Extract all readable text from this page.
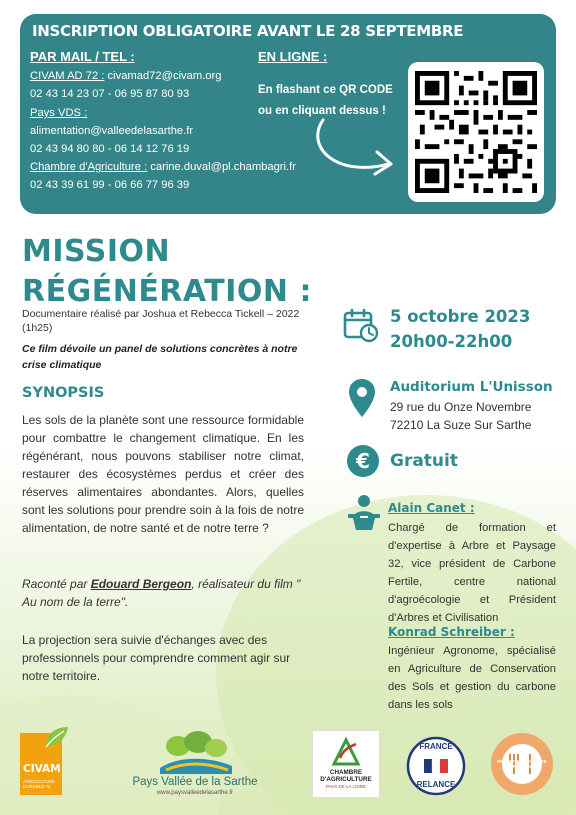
INSCRIPTION OBLIGATOIRE AVANT LE 28 SEPTEMBRE
PAR MAIL / TEL :	EN LIGNE :
CIVAM AD 72 : civamad72@civam.org
02 43 14 23 07 - 06 95 87 80 93
Pays VDS :
alimentation@valleedelasarthe.fr
02 43 94 80 80 - 06 14 12 76 19
Chambre d'Agriculture : carine.duval@pl.chambagri.fr
02 43 39 61 99 - 06 66 77 96 39
En flashant ce QR CODE
ou en cliquant dessus !
MISSION
RÉGÉNÉRATION :
Documentaire réalisé par Joshua et Rebecca Tickell – 2022 (1h25)
Ce film dévoile un panel de solutions concrètes à notre crise climatique
SYNOPSIS
Les sols de la planète sont une ressource formidable pour combattre le changement climatique. En les régénérant, nous pouvons stabiliser notre climat, restaurer des écosystèmes perdus et créer des réserves alimentaires abondantes. Alors, quelles sont les solutions pour prendre soin à la fois de notre alimentation, de notre santé et de notre terre ?
Raconté par Edouard Bergeon, réalisateur du film " Au nom de la terre".
La projection sera suivie d'échanges avec des professionnels pour comprendre comment agir sur notre territoire.
5 octobre 2023
20h00-22h00
Auditorium L'Unisson
29 rue du Onze Novembre
72210 La Suze Sur Sarthe
€ Gratuit
Alain Canet :
Chargé de formation et d'expertise à Arbre et Paysage 32, vice président de Carbone Fertile, centre national d'agroécologie et Président d'Arbres et Civilisation
Konrad Schreiber :
Ingénieur Agronome, spécialisé en Agriculture de Conservation des Sols et gestion du carbone dans les sols
CIVAM
AGRICULTURE DURABLE 72	Pays Vallée de la Sarthe
www.paysvalleedelasarthe.fr
CHAMBRE
D'AGRICULTURE
PAYS DE LA LOIRE
FRANCE
RELANCE
PROJET ALIMENTAIRE TERRITORIAL
